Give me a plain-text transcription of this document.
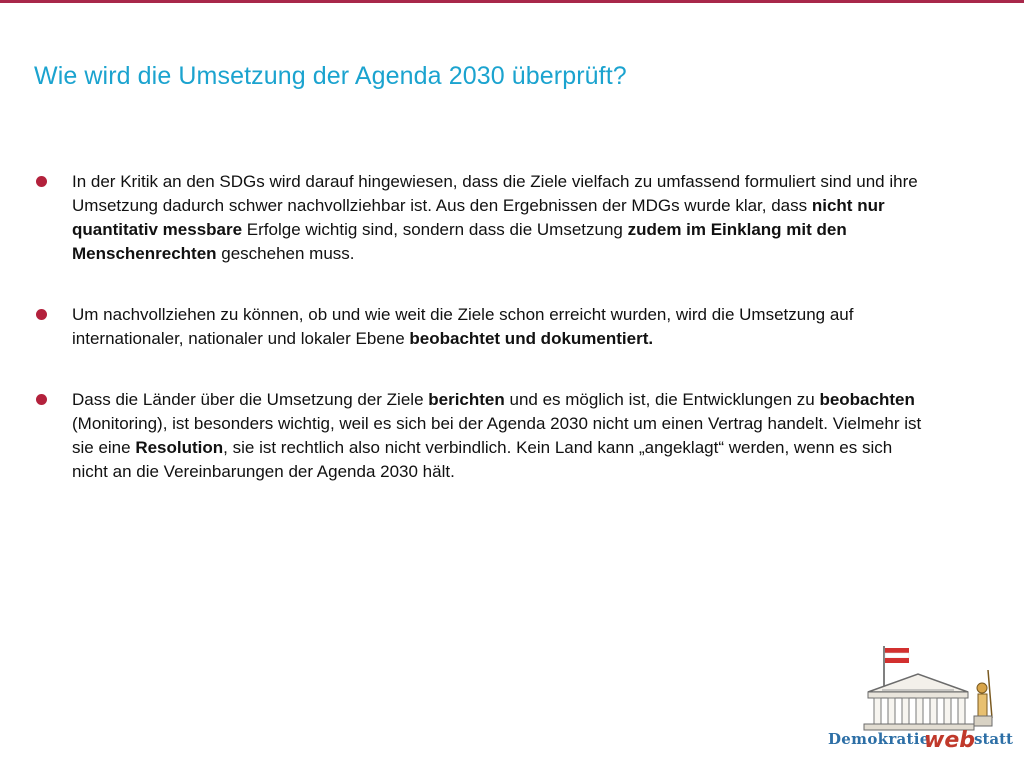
Wie wird die Umsetzung der Agenda 2030 überprüft?
In der Kritik an den SDGs wird darauf hingewiesen, dass die Ziele vielfach zu umfassend formuliert sind und ihre Umsetzung dadurch schwer nachvollziehbar ist. Aus den Ergebnissen der MDGs wurde klar, dass nicht nur quantitativ messbare Erfolge wichtig sind, sondern dass die Umsetzung zudem im Einklang mit den Menschenrechten geschehen muss.
Um nachvollziehen zu können, ob und wie weit die Ziele schon erreicht wurden, wird die Umsetzung auf internationaler, nationaler und lokaler Ebene beobachtet und dokumentiert.
Dass die Länder über die Umsetzung der Ziele berichten und es möglich ist, die Entwicklungen zu beobachten (Monitoring), ist besonders wichtig, weil es sich bei der Agenda 2030 nicht um einen Vertrag handelt. Vielmehr ist sie eine Resolution, sie ist rechtlich also nicht verbindlich. Kein Land kann „angeklagt“ werden, wenn es sich nicht an die Vereinbarungen der Agenda 2030 hält.
Demokratie
web statt
